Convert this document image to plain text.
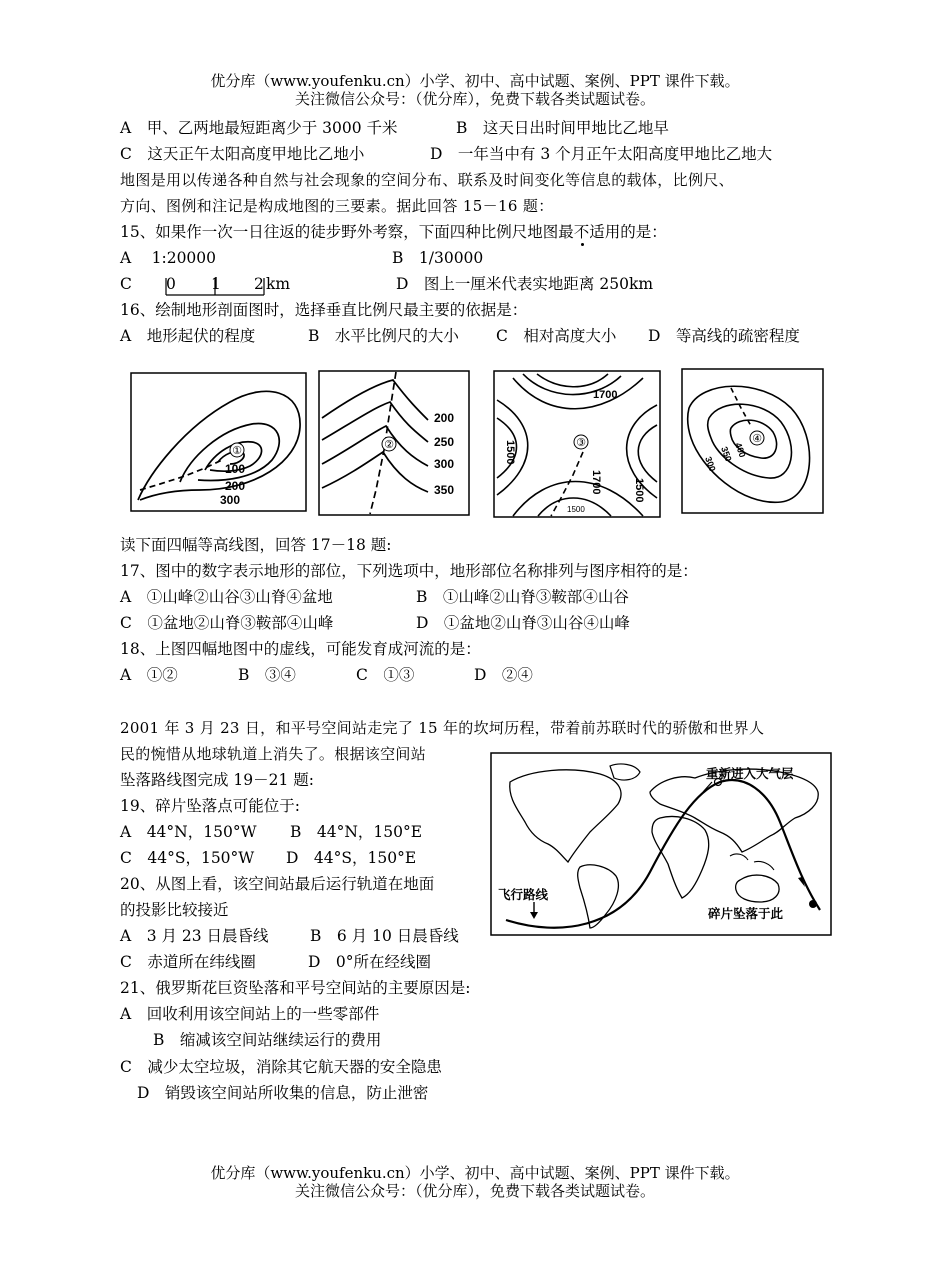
优分库（www.youfenku.cn）小学、初中、高中试题、案例、PPT 课件下载。
关注微信公众号：（优分库），免费下载各类试题试卷。
A　甲、乙两地最短距离少于 3000 千米	B　这天日出时间甲地比乙地早
C　这天正午太阳高度甲地比乙地小	D　一年当中有 3 个月正午太阳高度甲地比乙地大
地图是用以传递各种自然与社会现象的空间分布、联系及时间变化等信息的载体，比例尺、
方向、图例和注记是构成地图的三要素。据此回答 15－16 题：
15、如果作一次一日往返的徒步野外考察，下面四种比例尺地图最不适用的是：
A　 1:20000	B　1/30000
C 0 1 2 km	D　图上一厘米代表实地距离 250km
16、绘制地形剖面图时，选择垂直比例尺最主要的依据是：
A　地形起伏的程度	B　水平比例尺的大小 C　相对高度大小 D　等高线的疏密程度
①
100
200
300
②
200
250
300
350
③
1700
1500
1700	1500
1500
④
400
350
300
读下面四幅等高线图，回答 17－18 题:
17、图中的数字表示地形的部位，下列选项中，地形部位名称排列与图序相符的是：
A　①山峰②山谷③山脊④盆地	B　①山峰②山脊③鞍部④山谷
C　①盆地②山脊③鞍部④山峰	D　①盆地②山脊③山谷④山峰
18、上图四幅地图中的虚线，可能发育成河流的是：
A　①②	B　③④	C　①③	D　②④
2001 年 3 月 23 日，和平号空间站走完了 15 年的坎坷历程，带着前苏联时代的骄傲和世界人
民的惋惜从地球轨道上消失了。根据该空间站
坠落路线图完成 19－21 题:	重新进入大气层
飞行路线
碎片坠落于此
19、碎片坠落点可能位于:
A　44°N，150°W B　44°N，150°E
C　44°S，150°W D　44°S，150°E
20、从图上看，该空间站最后运行轨道在地面
的投影比较接近
A　3 月 23 日晨昏线	B　6 月 10 日晨昏线
C　赤道所在纬线圈	D　0°所在经线圈
21、俄罗斯花巨资坠落和平号空间站的主要原因是:
A　回收利用该空间站上的一些零部件
B　缩减该空间站继续运行的费用
C　减少太空垃圾，消除其它航天器的安全隐患
D　销毁该空间站所收集的信息，防止泄密
优分库（www.youfenku.cn）小学、初中、高中试题、案例、PPT 课件下载。
关注微信公众号：（优分库），免费下载各类试题试卷。
